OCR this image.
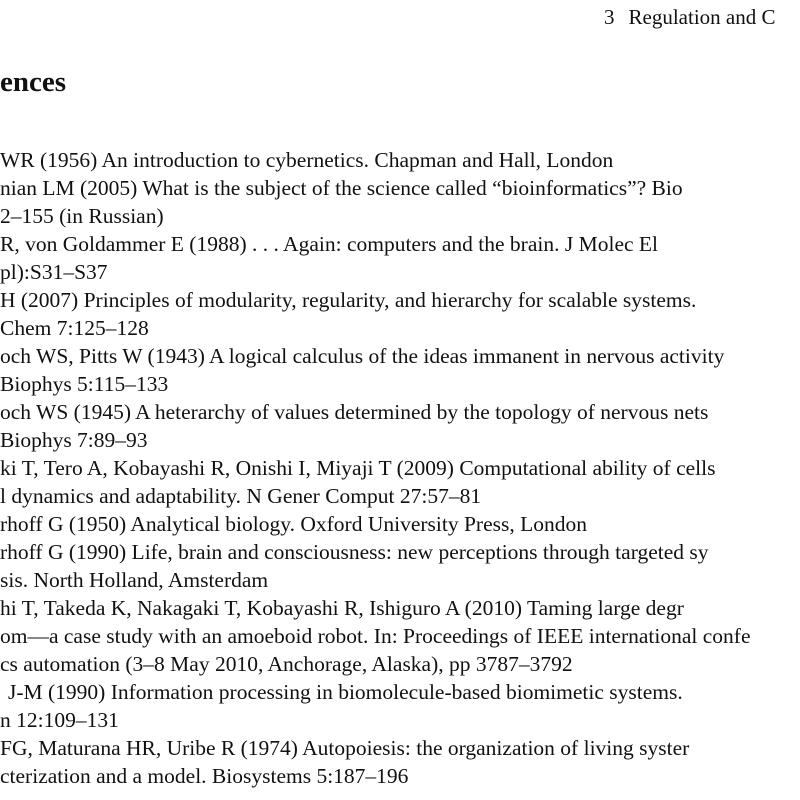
3 Regulation and C
ences
WR (1956) An introduction to cybernetics. Chapman and Hall, London
nian LM (2005) What is the subject of the science called “bioinformatics”? Bio
2–155 (in Russian)
R, von Goldammer E (1988) . . . Again: computers and the brain. J Molec El
pl):S31–S37
H (2007) Principles of modularity, regularity, and hierarchy for scalable systems.
Chem 7:125–128
och WS, Pitts W (1943) A logical calculus of the ideas immanent in nervous activity
Biophys 5:115–133
och WS (1945) A heterarchy of values determined by the topology of nervous nets
Biophys 7:89–93
ki T, Tero A, Kobayashi R, Onishi I, Miyaji T (2009) Computational ability of cells
l dynamics and adaptability. N Gener Comput 27:57–81
rhoff G (1950) Analytical biology. Oxford University Press, London
rhoff G (1990) Life, brain and consciousness: new perceptions through targeted sy
sis. North Holland, Amsterdam
hi T, Takeda K, Nakagaki T, Kobayashi R, Ishiguro A (2010) Taming large degr
om—a case study with an amoeboid robot. In: Proceedings of IEEE international confe
cs automation (3–8 May 2010, Anchorage, Alaska), pp 3787–3792
J-M (1990) Information processing in biomolecule-based biomimetic systems.
n 12:109–131
FG, Maturana HR, Uribe R (1974) Autopoiesis: the organization of living syster
cterization and a model. Biosystems 5:187–196
